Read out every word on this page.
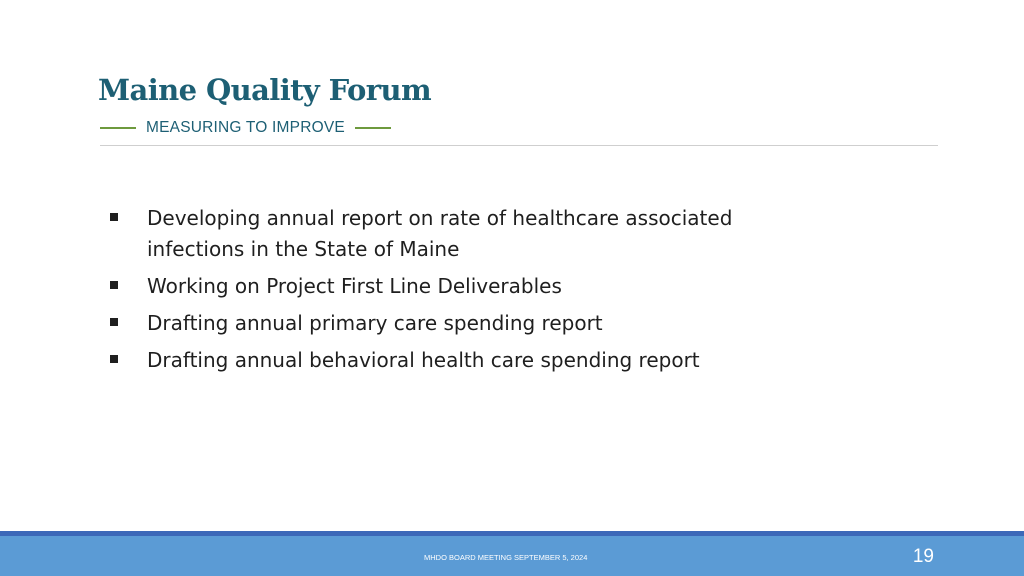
Maine Quality Forum
MEASURING TO IMPROVE
Developing annual report on rate of healthcare associated infections in the State of Maine
Working on Project First Line Deliverables
Drafting annual primary care spending report
Drafting annual behavioral health care spending report
MHDO BOARD MEETING SEPTEMBER 5, 2024	19
